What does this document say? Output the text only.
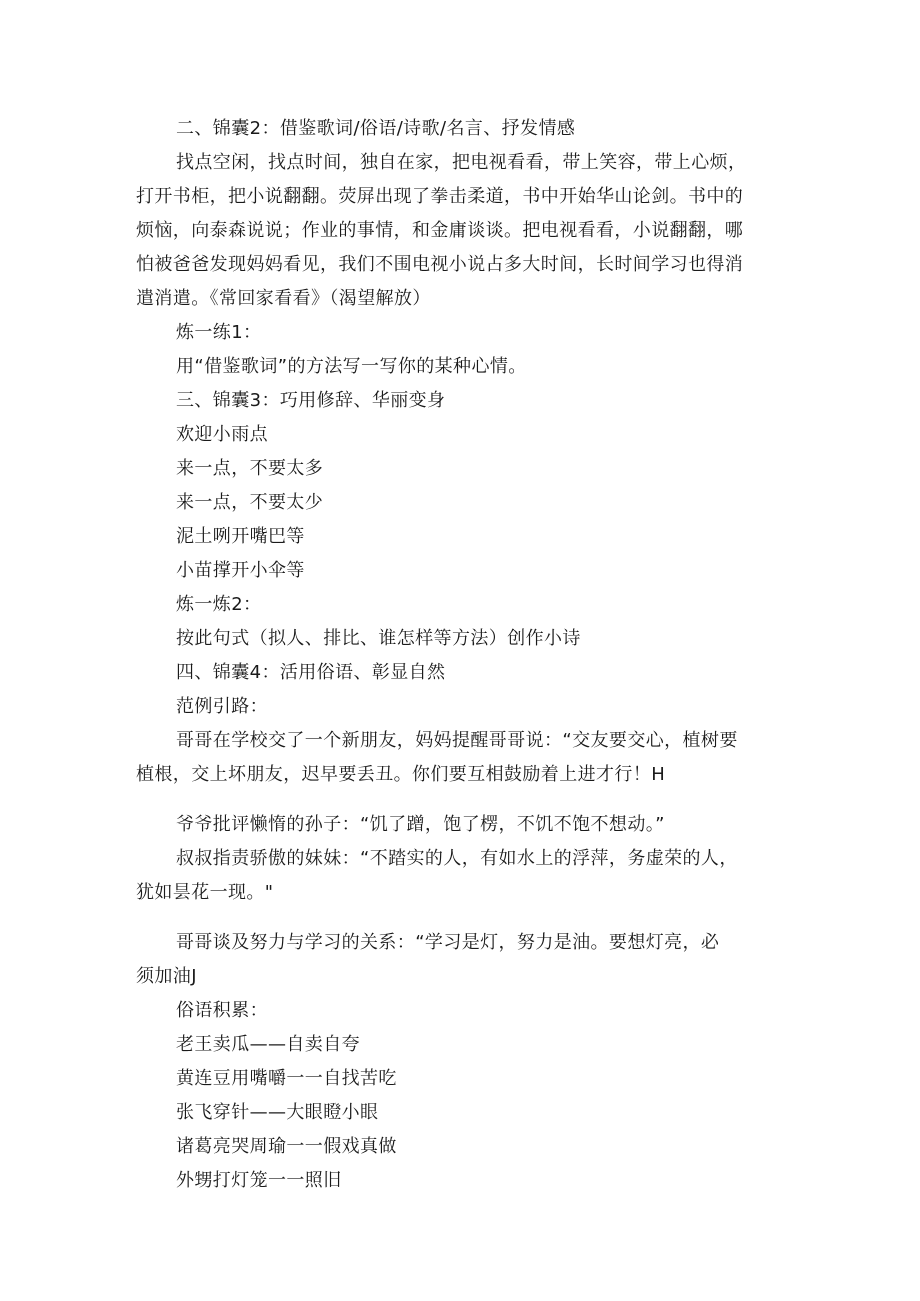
二、锦囊2：借鉴歌词/俗语/诗歌/名言、抒发情感

找点空闲，找点时间，独自在家，把电视看看，带上笑容，带上心烦，

打开书柜，把小说翻翻。荧屏出现了拳击柔道，书中开始华山论剑。书中的

烦恼，向泰森说说；作业的事情，和金庸谈谈。把电视看看，小说翻翻，哪

怕被爸爸发现妈妈看见，我们不围电视小说占多大时间，长时间学习也得消

遣消遣。《常回家看看》（渴望解放）

炼一练1：

用“借鉴歌词”的方法写一写你的某种心情。

三、锦囊3：巧用修辞、华丽变身

欢迎小雨点

来一点，不要太多

来一点，不要太少

泥土咧开嘴巴等

小苗撑开小伞等

炼一炼2：

按此句式（拟人、排比、谁怎样等方法）创作小诗

四、锦囊4：活用俗语、彰显自然

范例引路：

哥哥在学校交了一个新朋友，妈妈提醒哥哥说：“交友要交心，植树要

植根，交上坏朋友，迟早要丢丑。你们要互相鼓励着上进才行！H

爷爷批评懒惰的孙子：“饥了蹭，饱了楞，不饥不饱不想动。”

叔叔指责骄傲的妹妹：“不踏实的人，有如水上的浮萍，务虚荣的人，

犹如昙花一现。"

哥哥谈及努力与学习的关系：“学习是灯，努力是油。要想灯亮，必

须加油J

俗语积累：

老王卖瓜——自卖自夸

黄连豆用嘴嚼一一自找苦吃

张飞穿针——大眼瞪小眼

诸葛亮哭周瑜一一假戏真做

外甥打灯笼一一照旧
